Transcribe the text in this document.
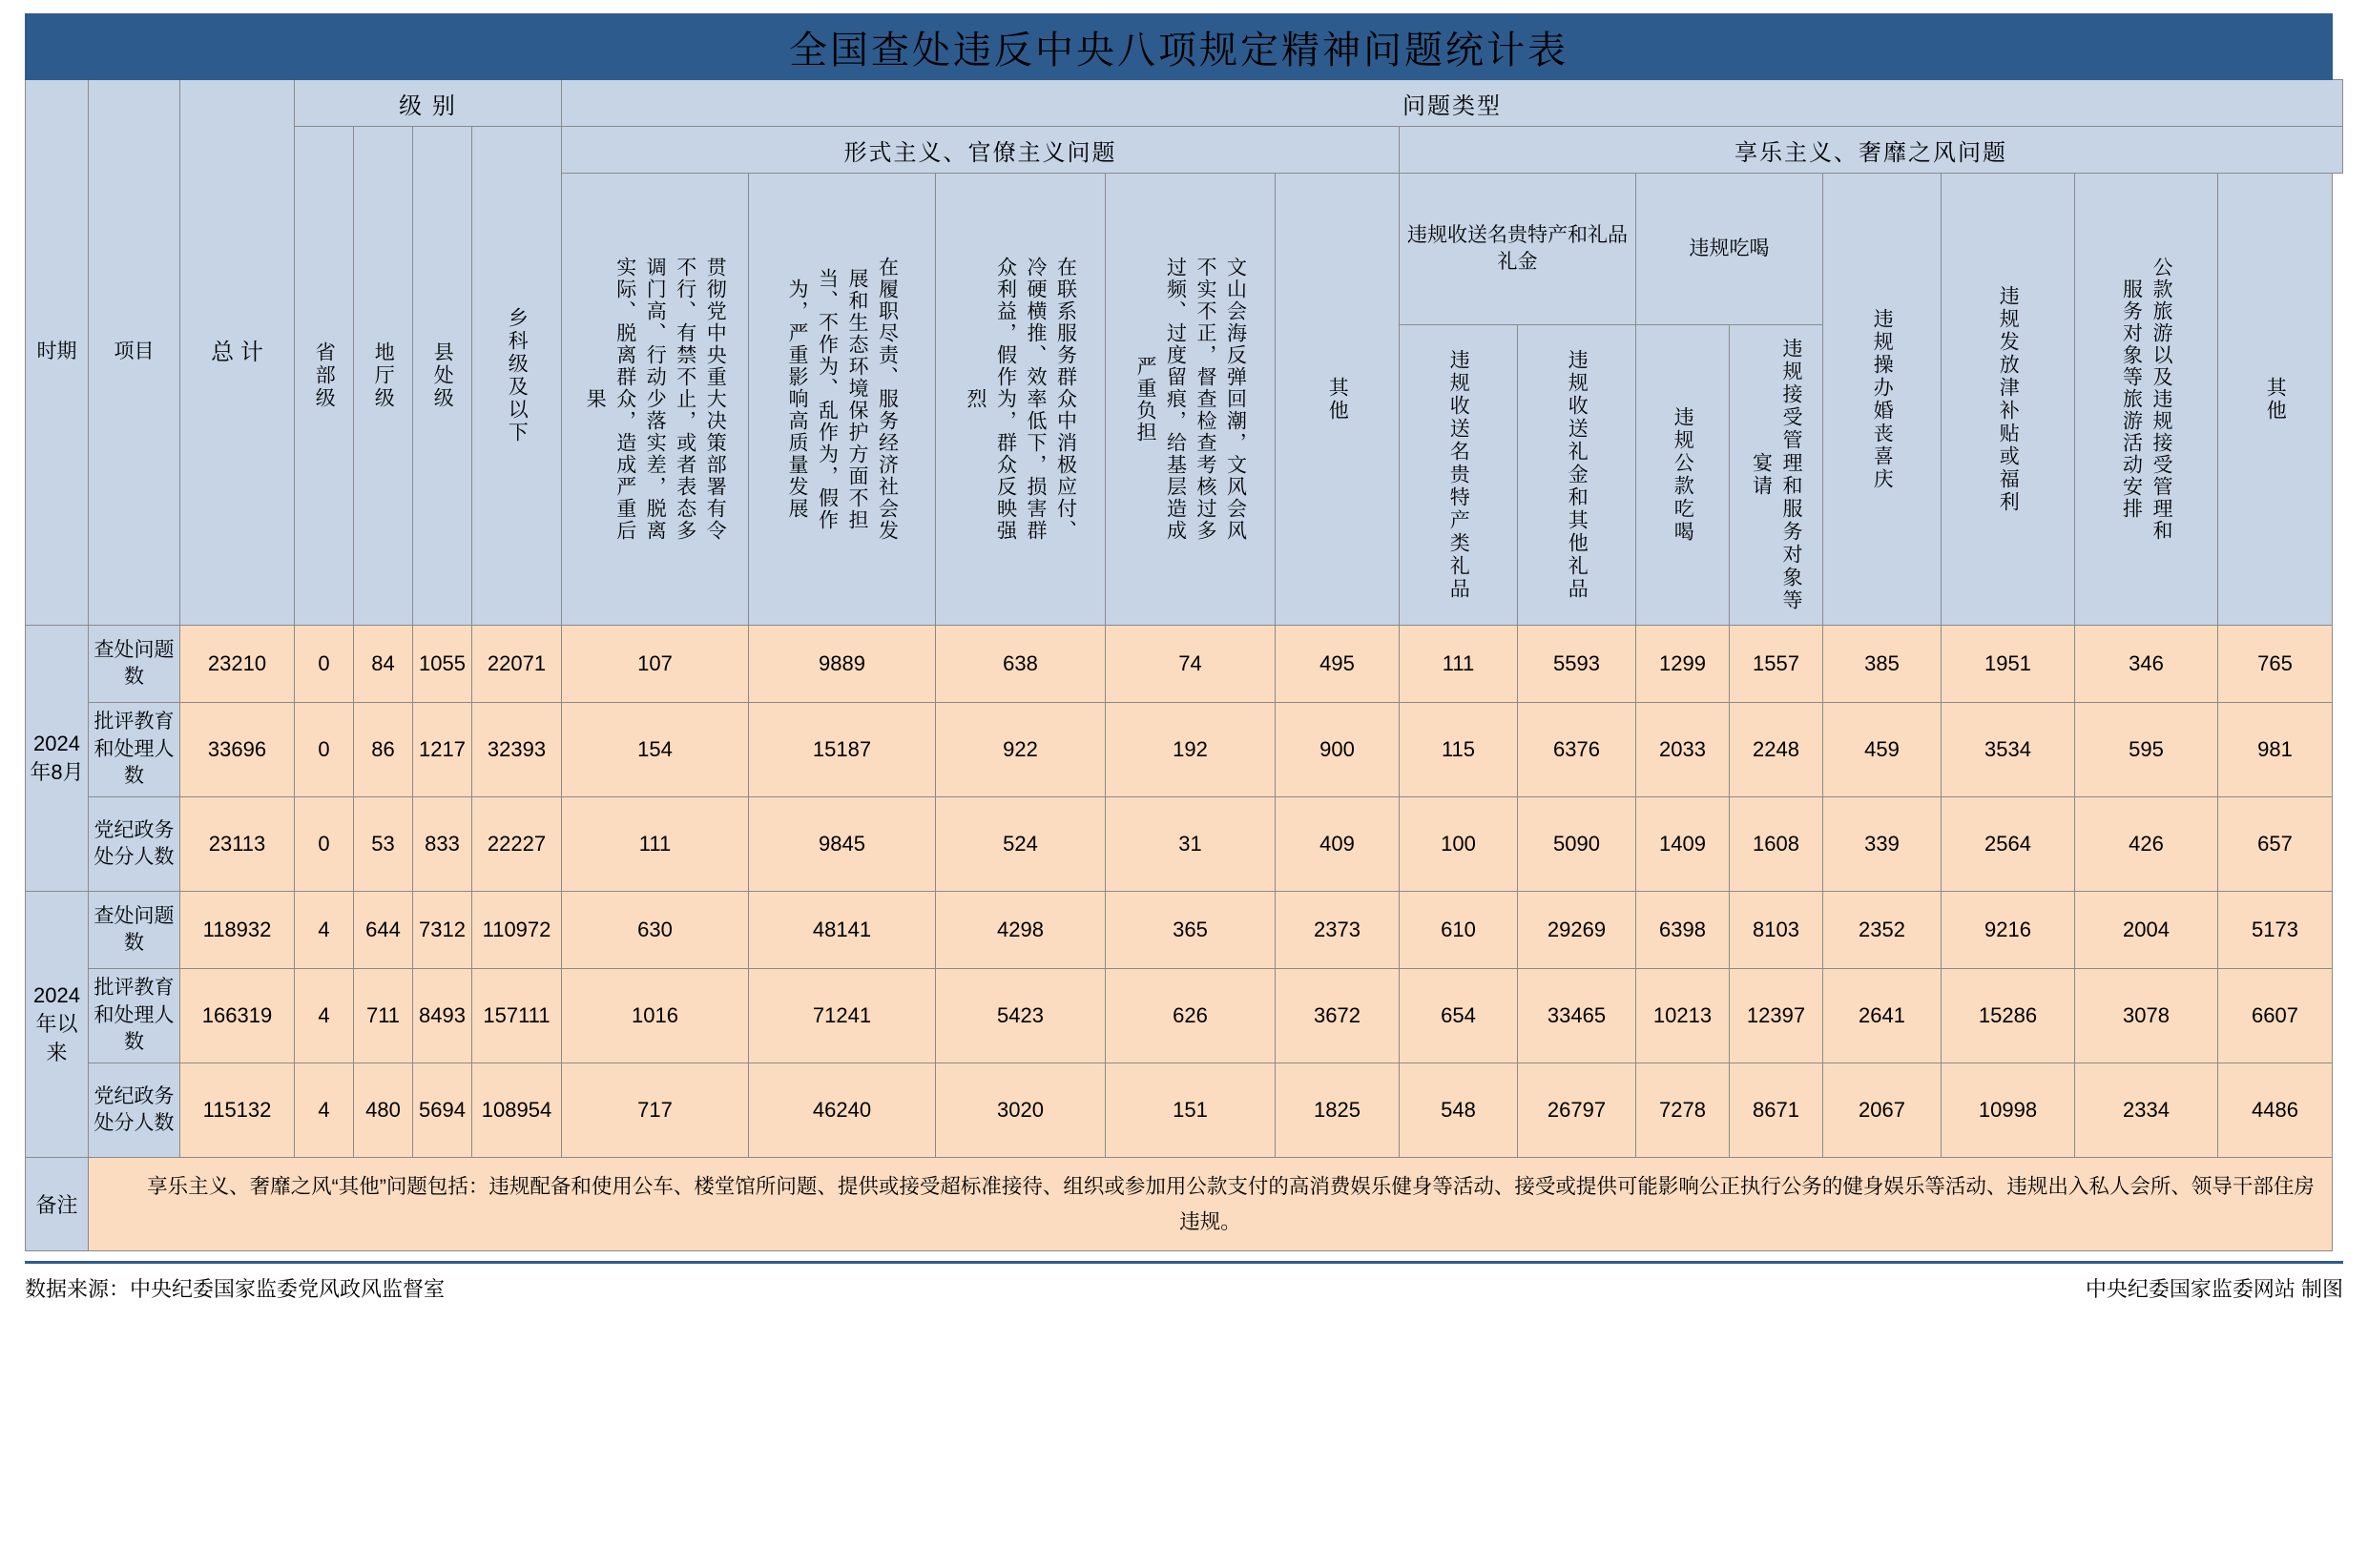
全国查处违反中央八项规定精神问题统计表																			
时期	项目	总 计	级 别				问题类型												

			省部级	地厅级	县处级	乡科级及以下	形式主义、官僚主义问题					享乐主义、奢靡之风问题							

							贯彻党中央重大决策部署有令不行、有禁不止，或者表态多调门高、行动少落实差，脱离实际、脱离群众，造成严重后果	在履职尽责、服务经济社会发展和生态环境保护方面不担当、不作为、乱作为，假作为，严重影响高质量发展	在联系服务群众中消极应付、冷硬横推、效率低下，损害群众利益，假作为，群众反映强烈	文山会海反弹回潮，文风会风不实不正，督查检查考核过多过频、过度留痕，给基层造成严重负担	其他	违规收送名贵特产和礼品礼金		违规吃喝		违规操办婚丧喜庆	违规发放津补贴或福利	公款旅游以及违规接受管理和服务对象等旅游活动安排	其他

												违规收送名贵特产类礼品	违规收送礼金和其他礼品	违规公款吃喝	违规接受管理和服务对象等宴请				

2024年8月	查处问题数	23210	0	84	1055	22071	107	9889	638	74	495	111	5593	1299	1557	385	1951	346	765
	批评教育和处理人数	33696	0	86	1217	32393	154	15187	922	192	900	115	6376	2033	2248	459	3534	595	981
	党纪政务处分人数	23113	0	53	833	22227	111	9845	524	31	409	100	5090	1409	1608	339	2564	426	657

2024年以来	查处问题数	118932	4	644	7312	110972	630	48141	4298	365	2373	610	29269	6398	8103	2352	9216	2004	5173
	批评教育和处理人数	166319	4	711	8493	157111	1016	71241	5423	626	3672	654	33465	10213	12397	2641	15286	3078	6607
	党纪政务处分人数	115132	4	480	5694	108954	717	46240	3020	151	1825	548	26797	7278	8671	2067	10998	2334	4486
备注	享乐主义、奢靡之风“其他”问题包括：违规配备和使用公车、楼堂馆所问题、提供或接受超标准接待、组织或参加用公款支付的高消费娱乐健身等活动、接受或提供可能影响公正执行公务的健身娱乐等活动、违规出入私人会所、领导干部住房违规。																		
数据来源：中央纪委国家监委党风政风监督室	中央纪委国家监委网站 制图
